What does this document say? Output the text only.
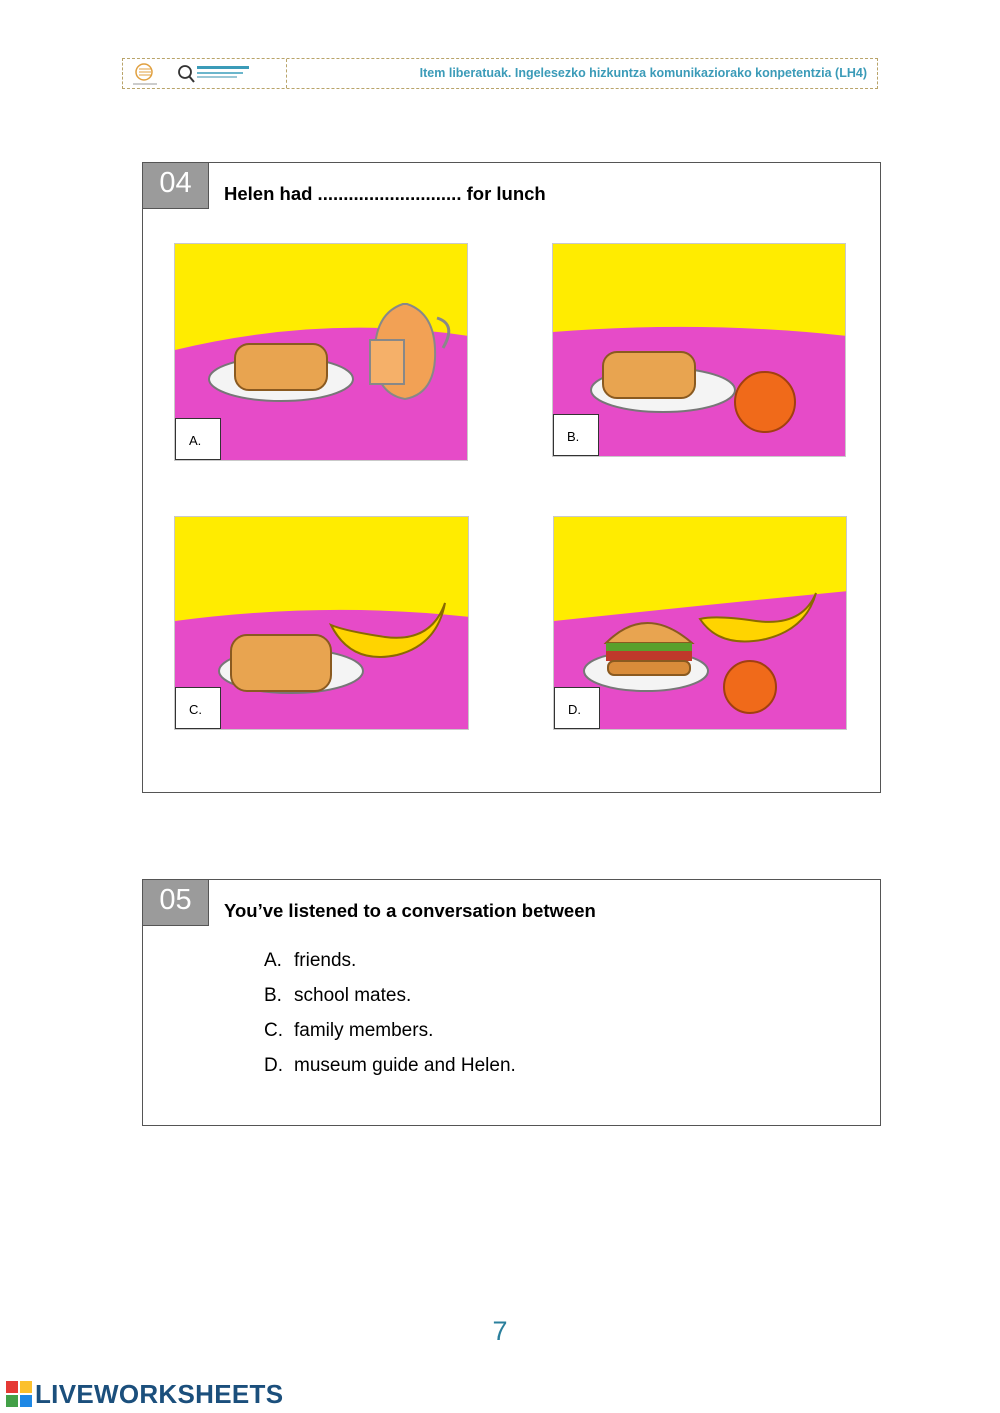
Item liberatuak. Ingelesezko hizkuntza komunikaziorako konpetentzia (LH4)
04	Helen had ............................ for lunch
A.	B.
C.	D.
05	You’ve listened to a conversation between
A. friends.
B. school mates.
C. family members.
D. museum guide and Helen.
7
LIVEWORKSHEETS
